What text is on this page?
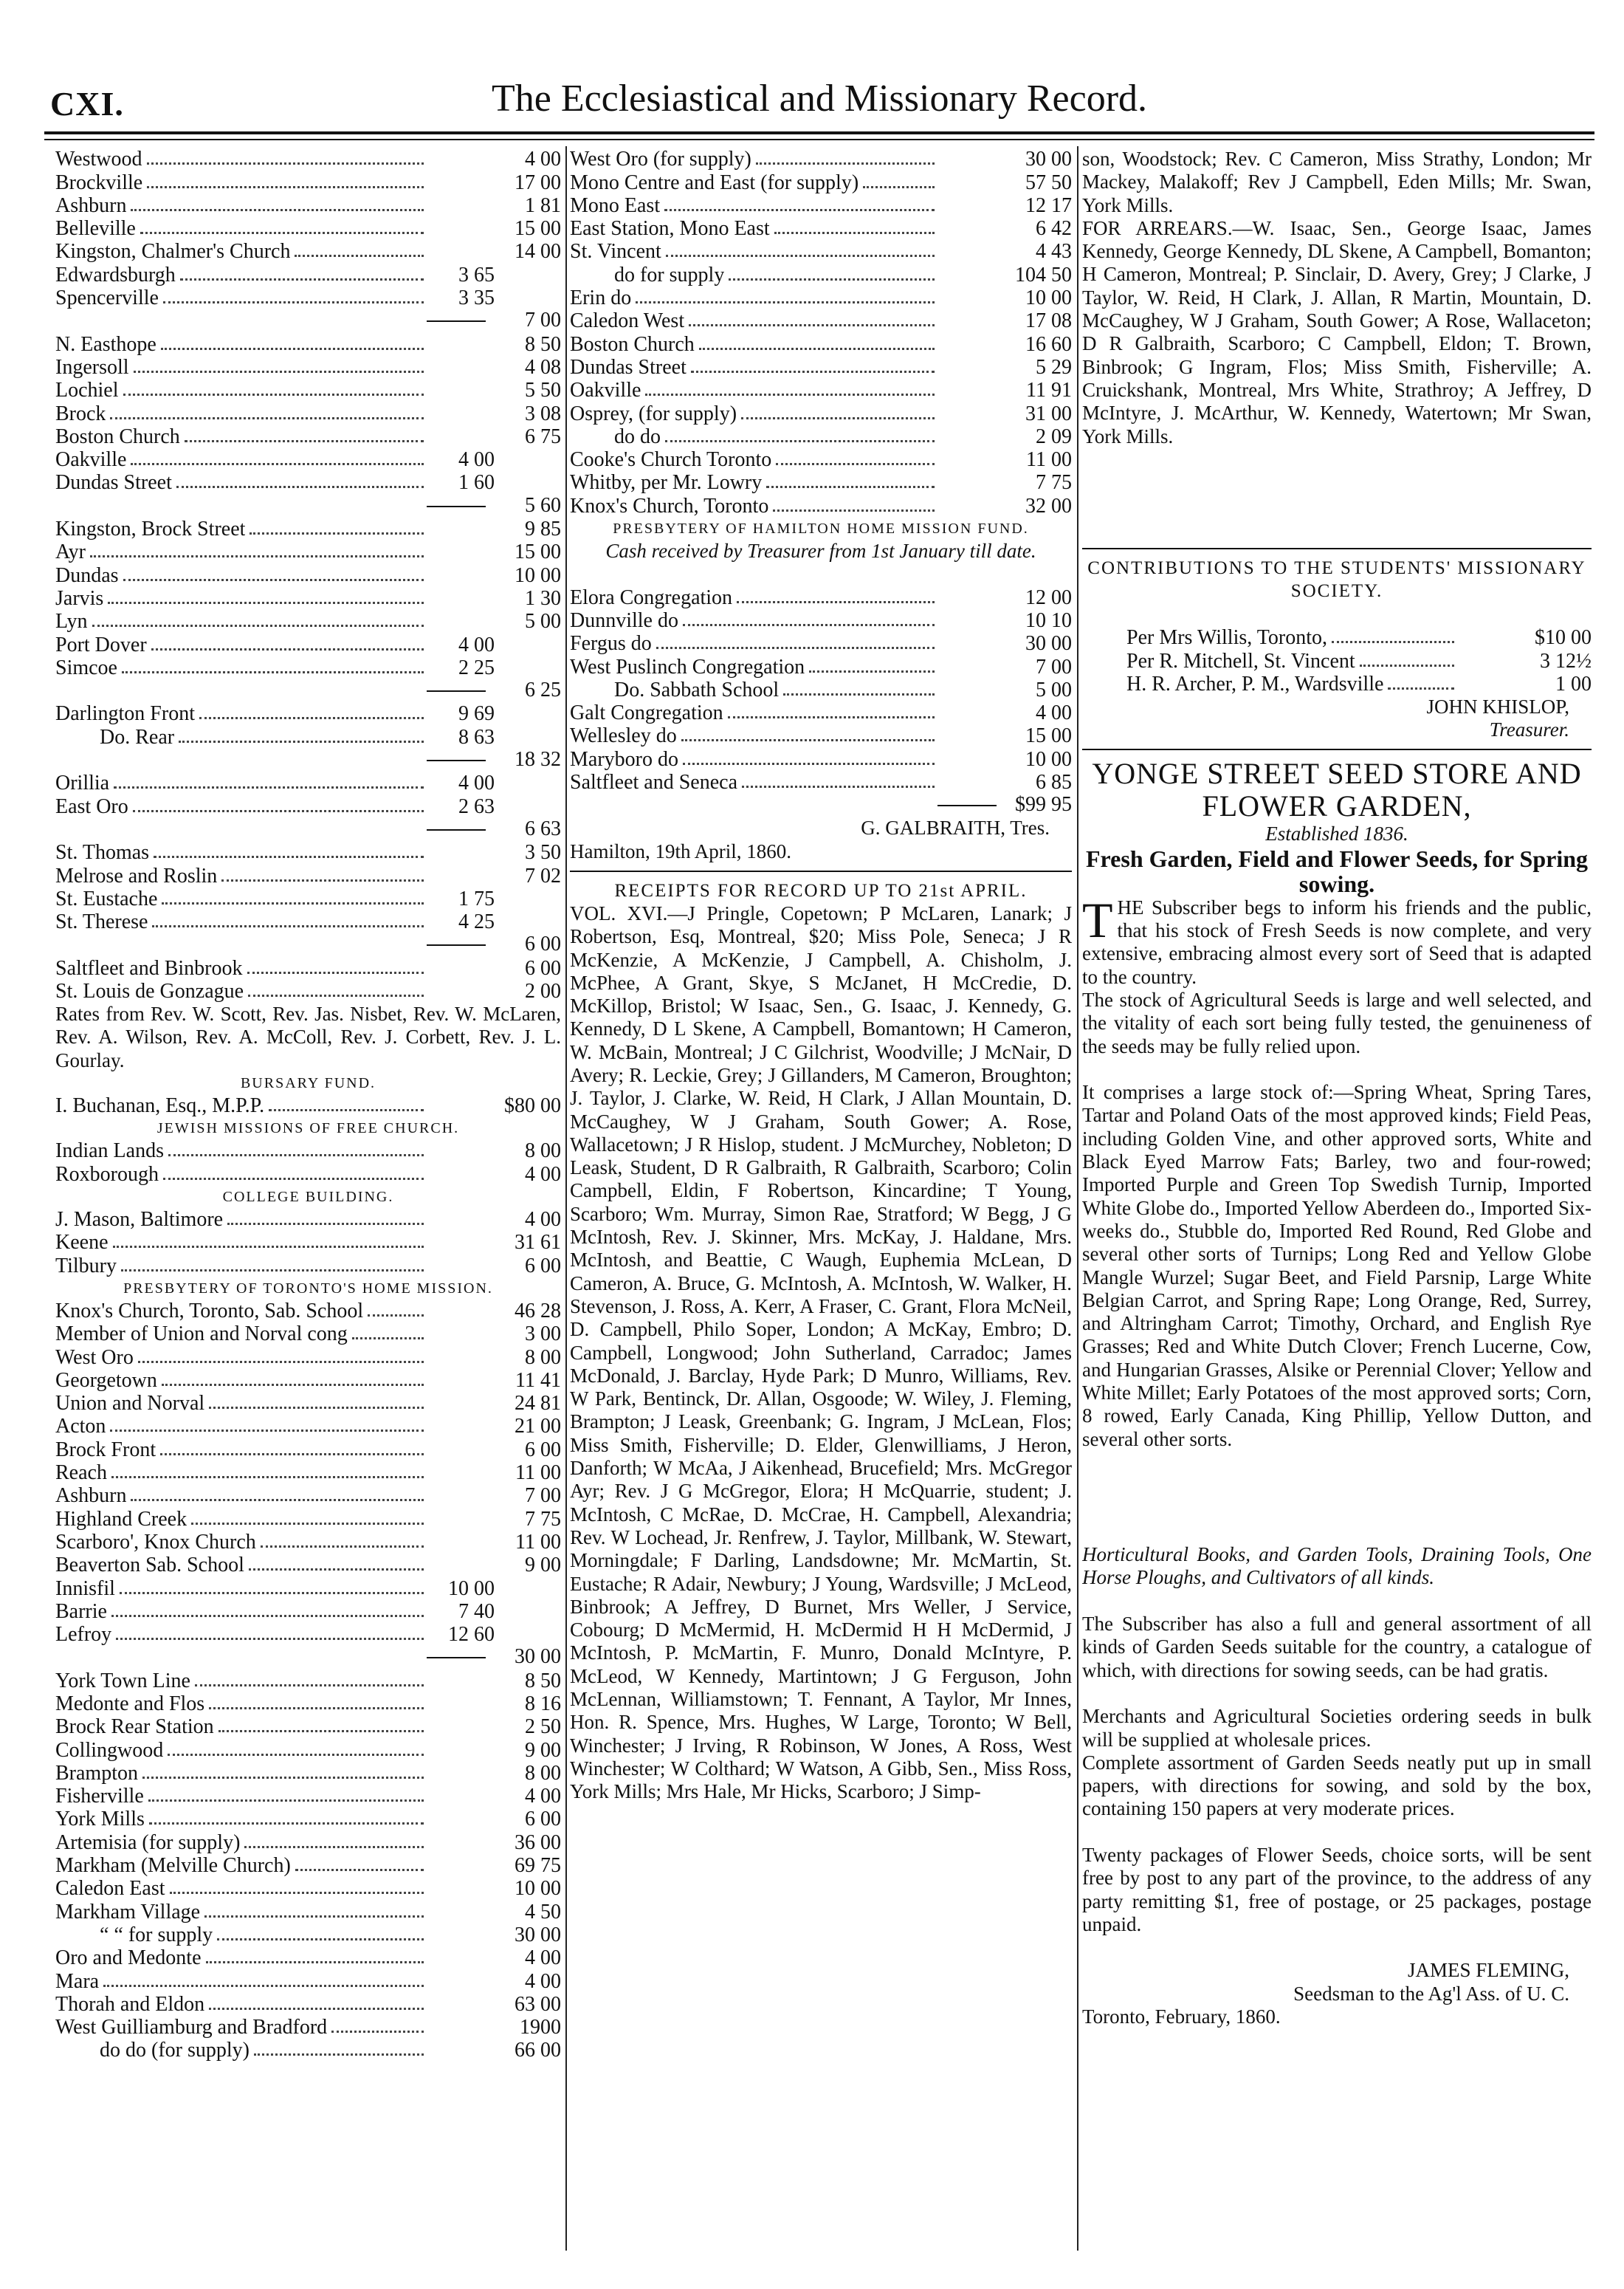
CXI.	The Ecclesiastical and Missionary Record.
Westwood	4 00
Brockville	17 00
Ashburn	1 81
Belleville	15 00
Kingston, Chalmer's Church	14 00
Edwardsburgh	3 65
Spencerville	3 35
7 00
N. Easthope	8 50
Ingersoll	4 08
Lochiel	5 50
Brock	3 08
Boston Church	6 75
Oakville	4 00
Dundas Street	1 60
5 60
Kingston, Brock Street	9 85
Ayr	15 00
Dundas	10 00
Jarvis	1 30
Lyn	5 00
Port Dover	4 00
Simcoe	2 25
6 25
Darlington Front	9 69
Do. Rear	8 63
18 32
Orillia	4 00
East Oro	2 63
6 63
St. Thomas	3 50
Melrose and Roslin	7 02
St. Eustache	1 75
St. Therese	4 25
6 00
Saltfleet and Binbrook	6 00
St. Louis de Gonzague	2 00
Rates from Rev. W. Scott, Rev. Jas. Nisbet, Rev. W. McLaren, Rev. A. Wilson, Rev. A. McColl, Rev. J. Corbett, Rev. J. L. Gourlay.
BURSARY FUND.
I. Buchanan, Esq., M.P.P.	$80 00
JEWISH MISSIONS OF FREE CHURCH.
Indian Lands	8 00
Roxborough	4 00
COLLEGE BUILDING.
J. Mason, Baltimore	4 00
Keene	31 61
Tilbury	6 00
PRESBYTERY OF TORONTO'S HOME MISSION.
Knox's Church, Toronto, Sab. School	46 28
Member of Union and Norval cong	3 00
West Oro	8 00
Georgetown	11 41
Union and Norval	24 81
Acton	21 00
Brock Front	6 00
Reach	11 00
Ashburn	7 00
Highland Creek	7 75
Scarboro', Knox Church	11 00
Beaverton Sab. School	9 00
Innisfil	10 00
Barrie	7 40
Lefroy	12 60
30 00
York Town Line	8 50
Medonte and Flos	8 16
Brock Rear Station	2 50
Collingwood	9 00
Brampton	8 00
Fisherville	4 00
York Mills	6 00
Artemisia (for supply)	36 00
Markham (Melville Church)	69 75
Caledon East	10 00
Markham Village	4 50
“ “ for supply	30 00
Oro and Medonte	4 00
Mara	4 00
Thorah and Eldon	63 00
West Guilliamburg and Bradford	1900
do do (for supply)	66 00
West Oro (for supply)	30 00
Mono Centre and East (for supply)	57 50
Mono East	12 17
East Station, Mono East	6 42
St. Vincent	4 43
do for supply	104 50
Erin do	10 00
Caledon West	17 08
Boston Church	16 60
Dundas Street	5 29
Oakville	11 91
Osprey, (for supply)	31 00
do do	2 09
Cooke's Church Toronto	11 00
Whitby, per Mr. Lowry	7 75
Knox's Church, Toronto	32 00
PRESBYTERY OF HAMILTON HOME MISSION FUND.
Cash received by Treasurer from 1st January till date.
Elora Congregation	12 00
Dunnville do	10 10
Fergus do	30 00
West Puslinch Congregation	7 00
Do. Sabbath School	5 00
Galt Congregation	4 00
Wellesley do	15 00
Maryboro do	10 00
Saltfleet and Seneca	6 85
$99 95
G. GALBRAITH, Tres.
Hamilton, 19th April, 1860.
RECEIPTS FOR RECORD UP TO 21st APRIL.
VOL. XVI.—J Pringle, Copetown; P McLaren, Lanark; J Robertson, Esq, Montreal, $20; Miss Pole, Seneca; J R McKenzie, A McKenzie, J Campbell, A. Chisholm, J. McPhee, A Grant, Skye, S McJanet, H McCredie, D. McKillop, Bristol; W Isaac, Sen., G. Isaac, J. Kennedy, G. Kennedy, D L Skene, A Campbell, Bomantown; H Cameron, W. McBain, Montreal; J C Gilchrist, Woodville; J McNair, D Avery; R. Leckie, Grey; J Gillanders, M Cameron, Broughton; J. Taylor, J. Clarke, W. Reid, H Clark, J Allan Mountain, D. McCaughey, W J Graham, South Gower; A. Rose, Wallacetown; J R Hislop, student. J McMurchey, Nobleton; D Leask, Student, D R Galbraith, R Galbraith, Scarboro; Colin Campbell, Eldin, F Robertson, Kincardine; T Young, Scarboro; Wm. Murray, Simon Rae, Stratford; W Begg, J G McIntosh, Rev. J. Skinner, Mrs. McKay, J. Haldane, Mrs. McIntosh, and Beattie, C Waugh, Euphemia McLean, D Cameron, A. Bruce, G. McIntosh, A. McIntosh, W. Walker, H. Stevenson, J. Ross, A. Kerr, A Fraser, C. Grant, Flora McNeil, D. Campbell, Philo Soper, London; A McKay, Embro; D. Campbell, Longwood; John Sutherland, Carradoc; James McDonald, J. Barclay, Hyde Park; D Munro, Williams, Rev. W Park, Bentinck, Dr. Allan, Osgoode; W. Wiley, J. Fleming, Brampton; J Leask, Greenbank; G. Ingram, J McLean, Flos; Miss Smith, Fisherville; D. Elder, Glenwilliams, J Heron, Danforth; W McAa, J Aikenhead, Brucefield; Mrs. McGregor Ayr; Rev. J G McGregor, Elora; H McQuarrie, student; J. McIntosh, C McRae, D. McCrae, H. Campbell, Alexandria; Rev. W Lochead, Jr. Renfrew, J. Taylor, Millbank, W. Stewart, Morningdale; F Darling, Landsdowne; Mr. McMartin, St. Eustache; R Adair, Newbury; J Young, Wardsville; J McLeod, Binbrook; A Jeffrey, D Burnet, Mrs Weller, J Service, Cobourg; D McMermid, H. McDermid H H McDermid, J McIntosh, P. McMartin, F. Munro, Donald McIntyre, P. McLeod, W Kennedy, Martintown; J G Ferguson, John McLennan, Williamstown; T. Fennant, A Taylor, Mr Innes, Hon. R. Spence, Mrs. Hughes, W Large, Toronto; W Bell, Winchester; J Irving, R Robinson, W Jones, A Ross, West Winchester; W Colthard; W Watson, A Gibb, Sen., Miss Ross, York Mills; Mrs Hale, Mr Hicks, Scarboro; J Simp-
son, Woodstock; Rev. C Cameron, Miss Strathy, London; Mr Mackey, Malakoff; Rev J Campbell, Eden Mills; Mr. Swan, York Mills.
FOR ARREARS.—W. Isaac, Sen., George Isaac, James Kennedy, George Kennedy, DL Skene, A Campbell, Bomanton; H Cameron, Montreal; P. Sinclair, D. Avery, Grey; J Clarke, J Taylor, W. Reid, H Clark, J. Allan, R Martin, Mountain, D. McCaughey, W J Graham, South Gower; A Rose, Wallaceton; D R Galbraith, Scarboro; C Campbell, Eldon; T. Brown, Binbrook; G Ingram, Flos; Miss Smith, Fisherville; A. Cruickshank, Montreal, Mrs White, Strathroy; A Jeffrey, D McIntyre, J. McArthur, W. Kennedy, Watertown; Mr Swan, York Mills.
CONTRIBUTIONS TO THE STUDENTS' MISSIONARY SOCIETY.
Per Mrs Willis, Toronto,	$10 00
Per R. Mitchell, St. Vincent	3 12½
H. R. Archer, P. M., Wardsville	1 00
JOHN KHISLOP,
Treasurer.
YONGE STREET SEED STORE AND FLOWER GARDEN,
Established 1836.
Fresh Garden, Field and Flower Seeds, for Spring sowing.
THE Subscriber begs to inform his friends and the public, that his stock of Fresh Seeds is now complete, and very extensive, embracing almost every sort of Seed that is adapted to the country.
The stock of Agricultural Seeds is large and well selected, and the vitality of each sort being fully tested, the genuineness of the seeds may be fully relied upon.
It comprises a large stock of:—Spring Wheat, Spring Tares, Tartar and Poland Oats of the most approved kinds; Field Peas, including Golden Vine, and other approved sorts, White and Black Eyed Marrow Fats; Barley, two and four-rowed; Imported Purple and Green Top Swedish Turnip, Imported White Globe do., Imported Yellow Aberdeen do., Imported Six-weeks do., Stubble do, Imported Red Round, Red Globe and several other sorts of Turnips; Long Red and Yellow Globe Mangle Wurzel; Sugar Beet, and Field Parsnip, Large White Belgian Carrot, and Spring Rape; Long Orange, Red, Surrey, and Altringham Carrot; Timothy, Orchard, and English Rye Grasses; Red and White Dutch Clover; French Lucerne, Cow, and Hungarian Grasses, Alsike or Perennial Clover; Yellow and White Millet; Early Potatoes of the most approved sorts; Corn, 8 rowed, Early Canada, King Phillip, Yellow Dutton, and several other sorts.
Horticultural Books, and Garden Tools, Draining Tools, One Horse Ploughs, and Cultivators of all kinds.
The Subscriber has also a full and general assortment of all kinds of Garden Seeds suitable for the country, a catalogue of which, with directions for sowing seeds, can be had gratis.
Merchants and Agricultural Societies ordering seeds in bulk will be supplied at wholesale prices.
Complete assortment of Garden Seeds neatly put up in small papers, with directions for sowing, and sold by the box, containing 150 papers at very moderate prices.
Twenty packages of Flower Seeds, choice sorts, will be sent free by post to any part of the province, to the address of any party remitting $1, free of postage, or 25 packages, postage unpaid.
JAMES FLEMING,
Seedsman to the Ag'l Ass. of U. C.
Toronto, February, 1860.
